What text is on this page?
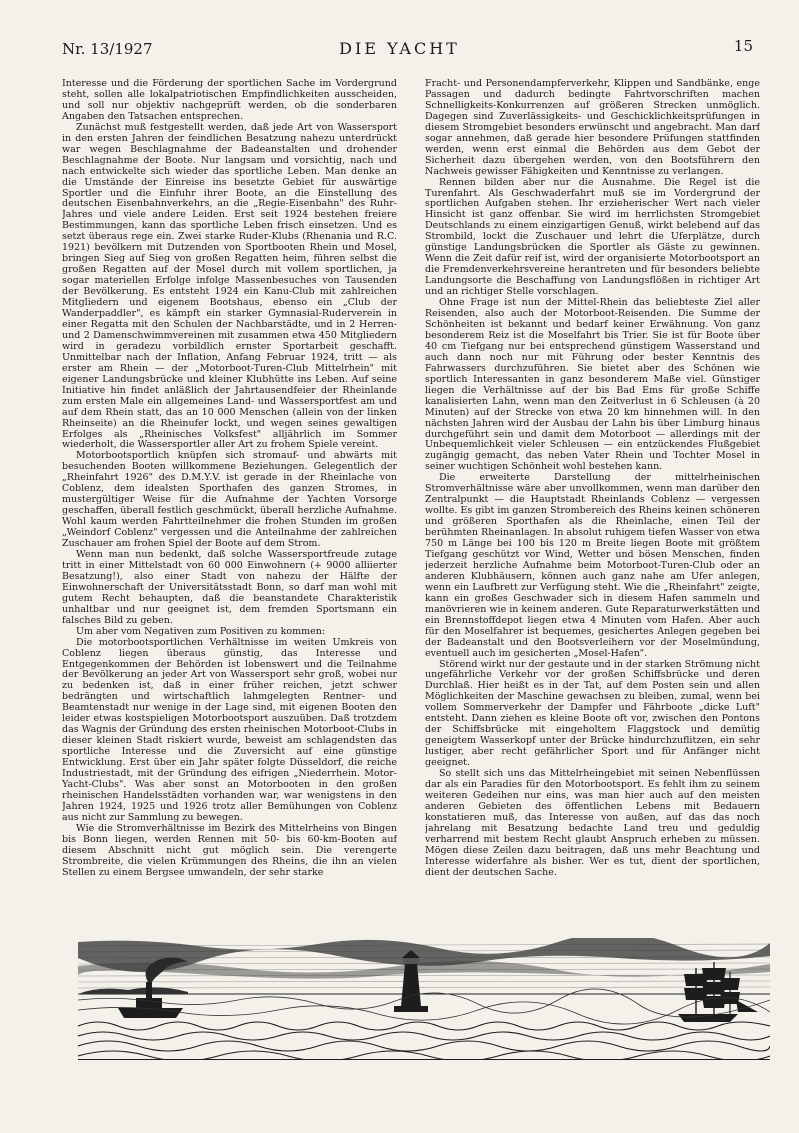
Nr. 13/1927	DIE YACHT	15

Interesse und die Förderung der sportlichen Sache im Vordergrund steht, sollen alle lokalpatriotischen Empfindlichkeiten ausscheiden, und soll nur objektiv nachgeprüft werden, ob die sonderbaren Angaben den Tatsachen entsprechen.

Zunächst muß festgestellt werden, daß jede Art von Wassersport in den ersten Jahren der feindlichen Besatzung nahezu unterdrückt war wegen Beschlagnahme der Badeanstalten und drohender Beschlagnahme der Boote. Nur langsam und vorsichtig, nach und nach entwickelte sich wieder das sportliche Leben. Man denke an die Umstände der Einreise ins besetzte Gebiet für auswärtige Sportler und die Einfuhr ihrer Boote, an die Einstellung des deutschen Eisenbahnverkehrs, an die „Regie-Eisenbahn" des Ruhr-Jahres und viele andere Leiden. Erst seit 1924 bestehen freiere Bestimmungen, kann das sportliche Leben frisch einsetzen. Und es setzt überaus rege ein. Zwei starke Ruder-Klubs (Rhenania und R.C. 1921) bevölkern mit Dutzenden von Sportbooten Rhein und Mosel, bringen Sieg auf Sieg von großen Regatten heim, führen selbst die großen Regatten auf der Mosel durch mit vollem sportlichen, ja sogar materiellen Erfolge infolge Massenbesuches von Tausenden der Bevölkerung. Es entsteht 1924 ein Kanu-Club mit zahlreichen Mitgliedern und eigenem Bootshaus, ebenso ein „Club der Wanderpaddler", es kämpft ein starker Gymnasial-Ruderverein in einer Regatta mit den Schulen der Nachbarstädte, und in 2 Herren- und 2 Damenschwimmvereinen mit zusammen etwa 450 Mitgliedern wird in geradezu vorbildlich ernster Sportarbeit geschafft. Unmittelbar nach der Inflation, Anfang Februar 1924, tritt — als erster am Rhein — der „Motorboot-Turen-Club Mittelrhein" mit eigener Landungsbrücke und kleiner Klubhütte ins Leben. Auf seine Initiative hin findet anläßlich der Jahrtausendfeier der Rheinlande zum ersten Male ein allgemeines Land- und Wassersportfest am und auf dem Rhein statt, das an 10 000 Menschen (allein von der linken Rheinseite) an die Rheinufer lockt, und wegen seines gewaltigen Erfolges als „Rheinisches Volksfest" alljährlich im Sommer wiederholt, die Wassersportler aller Art zu frohem Spiele vereint.

Motorbootsportlich knüpfen sich stromauf- und abwärts mit besuchenden Booten willkommene Beziehungen. Gelegentlich der „Rheinfahrt 1926" des D.M.Y.V. ist gerade in der Rheinlache von Coblenz, dem idealsten Sporthafen des ganzen Stromes, in mustergültiger Weise für die Aufnahme der Yachten Vorsorge geschaffen, überall festlich geschmückt, überall herzliche Aufnahme. Wohl kaum werden Fahrtteilnehmer die frohen Stunden im großen „Weindorf Coblenz" vergessen und die Anteilnahme der zahlreichen Zuschauer am frohen Spiel der Boote auf dem Strom.

Wenn man nun bedenkt, daß solche Wassersportfreude zutage tritt in einer Mittelstadt von 60 000 Einwohnern (+ 9000 alliierter Besatzung!), also einer Stadt von nahezu der Hälfte der Einwohnerschaft der Universitätsstadt Bonn, so darf man wohl mit gutem Recht behaupten, daß die beanstandete Charakteristik unhaltbar und nur geeignet ist, dem fremden Sportsmann ein falsches Bild zu geben.

Um aber vom Negativen zum Positiven zu kommen:

Die motorbootsportlichen Verhältnisse im weiten Umkreis von Coblenz liegen überaus günstig, das Interesse und Entgegenkommen der Behörden ist lobenswert und die Teilnahme der Bevölkerung an jeder Art von Wassersport sehr groß, wobei nur zu bedenken ist, daß in einer früher reichen, jetzt schwer bedrängten und wirtschaftlich lahmgelegten Rentner- und Beamtenstadt nur wenige in der Lage sind, mit eigenen Booten den leider etwas kostspieligen Motorbootsport auszuüben. Daß trotzdem das Wagnis der Gründung des ersten rheinischen Motorboot-Clubs in dieser kleinen Stadt riskiert wurde, beweist am schlagendsten das sportliche Interesse und die Zuversicht auf eine günstige Entwicklung. Erst über ein Jahr später folgte Düsseldorf, die reiche Industriestadt, mit der Gründung des eifrigen „Niederrhein. Motor-Yacht-Clubs". Was aber sonst an Motorbooten in den großen rheinischen Handelsstädten vorhanden war, war wenigstens in den Jahren 1924, 1925 und 1926 trotz aller Bemühungen von Coblenz aus nicht zur Sammlung zu bewegen.

Wie die Stromverhältnisse im Bezirk des Mittelrheins von Bingen bis Bonn liegen, werden Rennen mit 50- bis 60-km-Booten auf diesem Abschnitt nicht gut möglich sein. Die verengerte Strombreite, die vielen Krümmungen des Rheins, die ihn an vielen Stellen zu einem Bergsee umwandeln, der sehr starke

Fracht- und Personendampferverkehr, Klippen und Sandbänke, enge Passagen und dadurch bedingte Fahrtvorschriften machen Schnelligkeits-Konkurrenzen auf größeren Strecken unmöglich. Dagegen sind Zuverlässigkeits- und Geschicklichkeitsprüfungen in diesem Stromgebiet besonders erwünscht und angebracht. Man darf sogar annehmen, daß gerade hier besondere Prüfungen stattfinden werden, wenn erst einmal die Behörden aus dem Gebot der Sicherheit dazu übergehen werden, von den Bootsführern den Nachweis gewisser Fähigkeiten und Kenntnisse zu verlangen.

Rennen bilden aber nur die Ausnahme. Die Regel ist die Turenfahrt. Als Geschwaderfahrt muß sie im Vordergrund der sportlichen Aufgaben stehen. Ihr erzieherischer Wert nach vieler Hinsicht ist ganz offenbar. Sie wird im herrlichsten Stromgebiet Deutschlands zu einem einzigartigen Genuß, wirkt belebend auf das Strombild, lockt die Zuschauer und lehrt die Uferplätze, durch günstige Landungsbrücken die Sportler als Gäste zu gewinnen. Wenn die Zeit dafür reif ist, wird der organisierte Motorbootsport an die Fremdenverkehrsvereine herantreten und für besonders beliebte Landungsorte die Beschaffung von Landungsflößen in richtiger Art und an richtiger Stelle vorschlagen.

Ohne Frage ist nun der Mittel-Rhein das beliebteste Ziel aller Reisenden, also auch der Motorboot-Reisenden. Die Summe der Schönheiten ist bekannt und bedarf keiner Erwähnung. Von ganz besonderem Reiz ist die Moselfahrt bis Trier. Sie ist für Boote über 40 cm Tiefgang nur bei entsprechend günstigem Wasserstand und auch dann noch nur mit Führung oder bester Kenntnis des Fahrwassers durchzuführen. Sie bietet aber des Schönen wie sportlich Interessanten in ganz besonderem Maße viel. Günstiger liegen die Verhältnisse auf der bis Bad Ems für große Schiffe kanalisierten Lahn, wenn man den Zeitverlust in 6 Schleusen (à 20 Minuten) auf der Strecke von etwa 20 km hinnehmen will. In den nächsten Jahren wird der Ausbau der Lahn bis über Limburg hinaus durchgeführt sein und damit dem Motorboot — allerdings mit der Unbequemlichkeit vieler Schleusen — ein entzückendes Flußgebiet zugängig gemacht, das neben Vater Rhein und Tochter Mosel in seiner wuchtigen Schönheit wohl bestehen kann.

Die erweiterte Darstellung der mittelrheinischen Stromverhältnisse wäre aber unvollkommen, wenn man darüber den Zentralpunkt — die Hauptstadt Rheinlands Coblenz — vergessen wollte. Es gibt im ganzen Strombereich des Rheins keinen schöneren und größeren Sporthafen als die Rheinlache, einen Teil der berühmten Rheinanlagen. In absolut ruhigem tiefen Wasser von etwa 750 m Länge bei 100 bis 120 m Breite liegen Boote mit größtem Tiefgang geschützt vor Wind, Wetter und bösen Menschen, finden jederzeit herzliche Aufnahme beim Motorboot-Turen-Club oder an anderen Klubhäusern, können auch ganz nahe am Ufer anlegen, wenn ein Laufbrett zur Verfügung steht. Wie die „Rheinfahrt" zeigte, kann ein großes Geschwader sich in diesem Hafen sammeln und manövrieren wie in keinem anderen. Gute Reparaturwerkstätten und ein Brennstoffdepot liegen etwa 4 Minuten vom Hafen. Aber auch für den Moselfahrer ist bequemes, gesichertes Anlegen gegeben bei der Badeanstalt und den Bootsverleihern vor der Moselmündung, eventuell auch im gesicherten „Mosel-Hafen".

Störend wirkt nur der gestaute und in der starken Strömung nicht ungefährliche Verkehr vor der großen Schiffsbrücke und deren Durchlaß. Hier heißt es in der Tat, auf dem Posten sein und allen Möglichkeiten der Maschine gewachsen zu bleiben, zumal, wenn bei vollem Sommerverkehr der Dampfer und Fährboote „dicke Luft" entsteht. Dann ziehen es kleine Boote oft vor, zwischen den Pontons der Schiffsbrücke mit eingeholtem Flaggstock und demütig geneigtem Wasserkopf unter der Brücke hindurchzuflitzen, ein sehr lustiger, aber recht gefährlicher Sport und für Anfänger nicht geeignet.

So stellt sich uns das Mittelrheingebiet mit seinen Nebenflüssen dar als ein Paradies für den Motorbootsport. Es fehlt ihm zu seinem weiteren Gedeihen nur eins, was man hier auch auf den meisten anderen Gebieten des öffentlichen Lebens mit Bedauern konstatieren muß, das Interesse von außen, auf das das noch jahrelang mit Besatzung bedachte Land treu und geduldig verharrend mit bestem Recht glaubt Anspruch erheben zu müssen. Mögen diese Zeilen dazu beitragen, daß uns mehr Beachtung und Interesse widerfahre als bisher. Wer es tut, dient der sportlichen, dient der deutschen Sache.
